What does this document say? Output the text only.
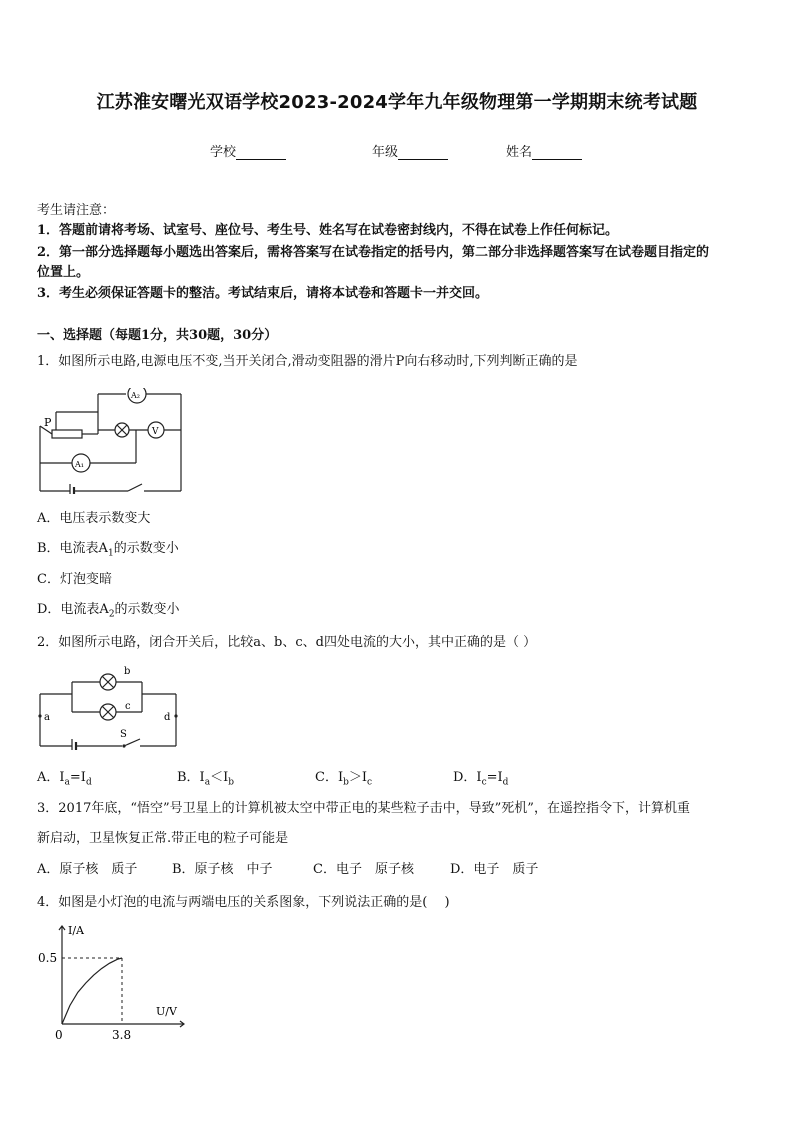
江苏淮安曙光双语学校2023-2024学年九年级物理第一学期期末统考试题
学校	年级	姓名
考生请注意：
1．答题前请将考场、试室号、座位号、考生号、姓名写在试卷密封线内，不得在试卷上作任何标记。
2．第一部分选择题每小题选出答案后，需将答案写在试卷指定的括号内，第二部分非选择题答案写在试卷题目指定的
位置上。
3．考生必须保证答题卡的整洁。考试结束后，请将本试卷和答题卡一并交回。
一、选择题（每题1分，共30题，30分）
1．如图所示电路,电源电压不变,当开关闭合,滑动变阻器的滑片P向右移动时,下列判断正确的是
P
A₂
V
A₁
A．电压表示数变大
B．电流表$A_1$的示数变小
C．灯泡变暗
D．电流表$A_2$的示数变小
2．如图所示电路，闭合开关后，比较a、b、c、d四处电流的大小，其中正确的是（ ）
a
b
c
d
S
A．$I_a=I_d$	B．$I_a<I_b$	C．$I_b>I_c$	D．$I_c=I_d$
3．2017年底，“悟空”号卫星上的计算机被太空中带正电的某些粒子击中，导致”死机”，在遥控指令下，计算机重
新启动，卫星恢复正常.带正电的粒子可能是
A．原子核　质子	B．原子核　中子	C．电子　原子核	D．电子　质子
4．如图是小灯泡的电流与两端电压的关系图象，下列说法正确的是(　 )
I/A
U/V
0	3.8
0.5
